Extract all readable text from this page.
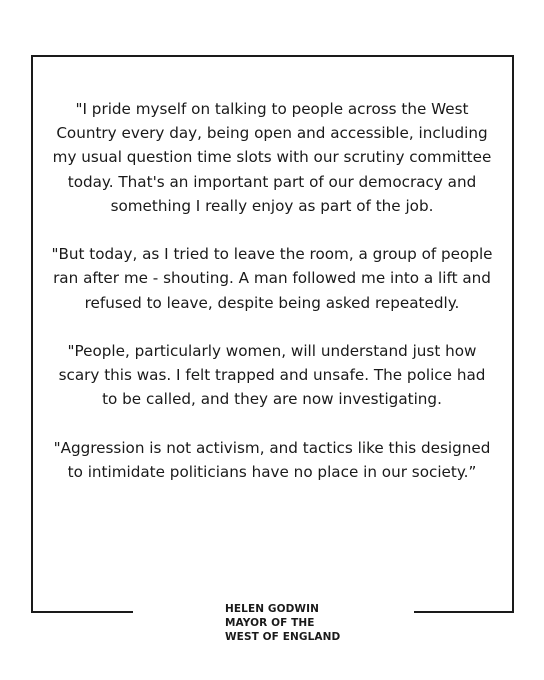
"I pride myself on talking to people across the West Country every day, being open and accessible, including my usual question time slots with our scrutiny committee today. That's an important part of our democracy and something I really enjoy as part of the job.

"But today, as I tried to leave the room, a group of people ran after me - shouting. A man followed me into a lift and refused to leave, despite being asked repeatedly.

"People, particularly women, will understand just how scary this was. I felt trapped and unsafe. The police had to be called, and they are now investigating.

"Aggression is not activism, and tactics like this designed to intimidate politicians have no place in our society.”

HELEN GODWIN
MAYOR OF THE
WEST OF ENGLAND
